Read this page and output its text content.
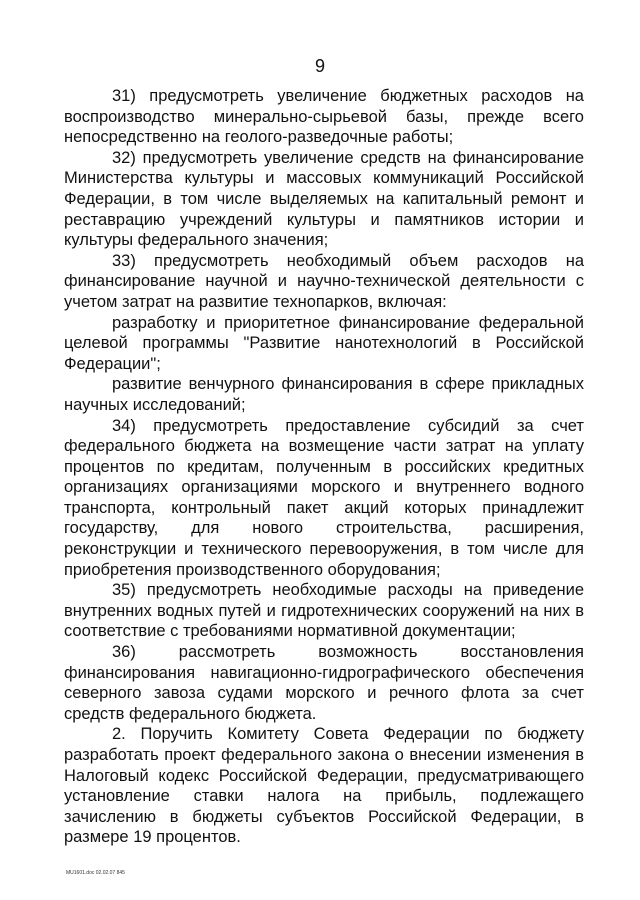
9

31) предусмотреть увеличение бюджетных расходов на воспроизводство минерально-сырьевой базы, прежде всего непосредственно на геолого-разведочные работы;

32) предусмотреть увеличение средств на финансирование Министерства культуры и массовых коммуникаций Российской Федерации, в том числе выделяемых на капитальный ремонт и реставрацию учреждений культуры и памятников истории и культуры федерального значения;

33) предусмотреть необходимый объем расходов на финансирование научной и научно-технической деятельности с учетом затрат на развитие технопарков, включая:

разработку и приоритетное финансирование федеральной целевой программы "Развитие нанотехнологий в Российской Федерации";

развитие венчурного финансирования в сфере прикладных научных исследований;

34) предусмотреть предоставление субсидий за счет федерального бюджета на возмещение части затрат на уплату процентов по кредитам, полученным в российских кредитных организациях организациями морского и внутреннего водного транспорта, контрольный пакет акций которых принадлежит государству, для нового строительства, расширения, реконструкции и технического перевооружения, в том числе для приобретения производственного оборудования;

35) предусмотреть необходимые расходы на приведение внутренних водных путей и гидротехнических сооружений на них в соответствие с требованиями нормативной документации;

36) рассмотреть возможность восстановления финансирования навигационно-гидрографического обеспечения северного завоза судами морского и речного флота за счет средств федерального бюджета.

2. Поручить Комитету Совета Федерации по бюджету разработать проект федерального закона о внесении изменения в Налоговый кодекс Российской Федерации, предусматривающего установление ставки налога на прибыль, подлежащего зачислению в бюджеты субъектов Российской Федерации, в размере 19 процентов.

MU1601.doc 02.02.07 845
